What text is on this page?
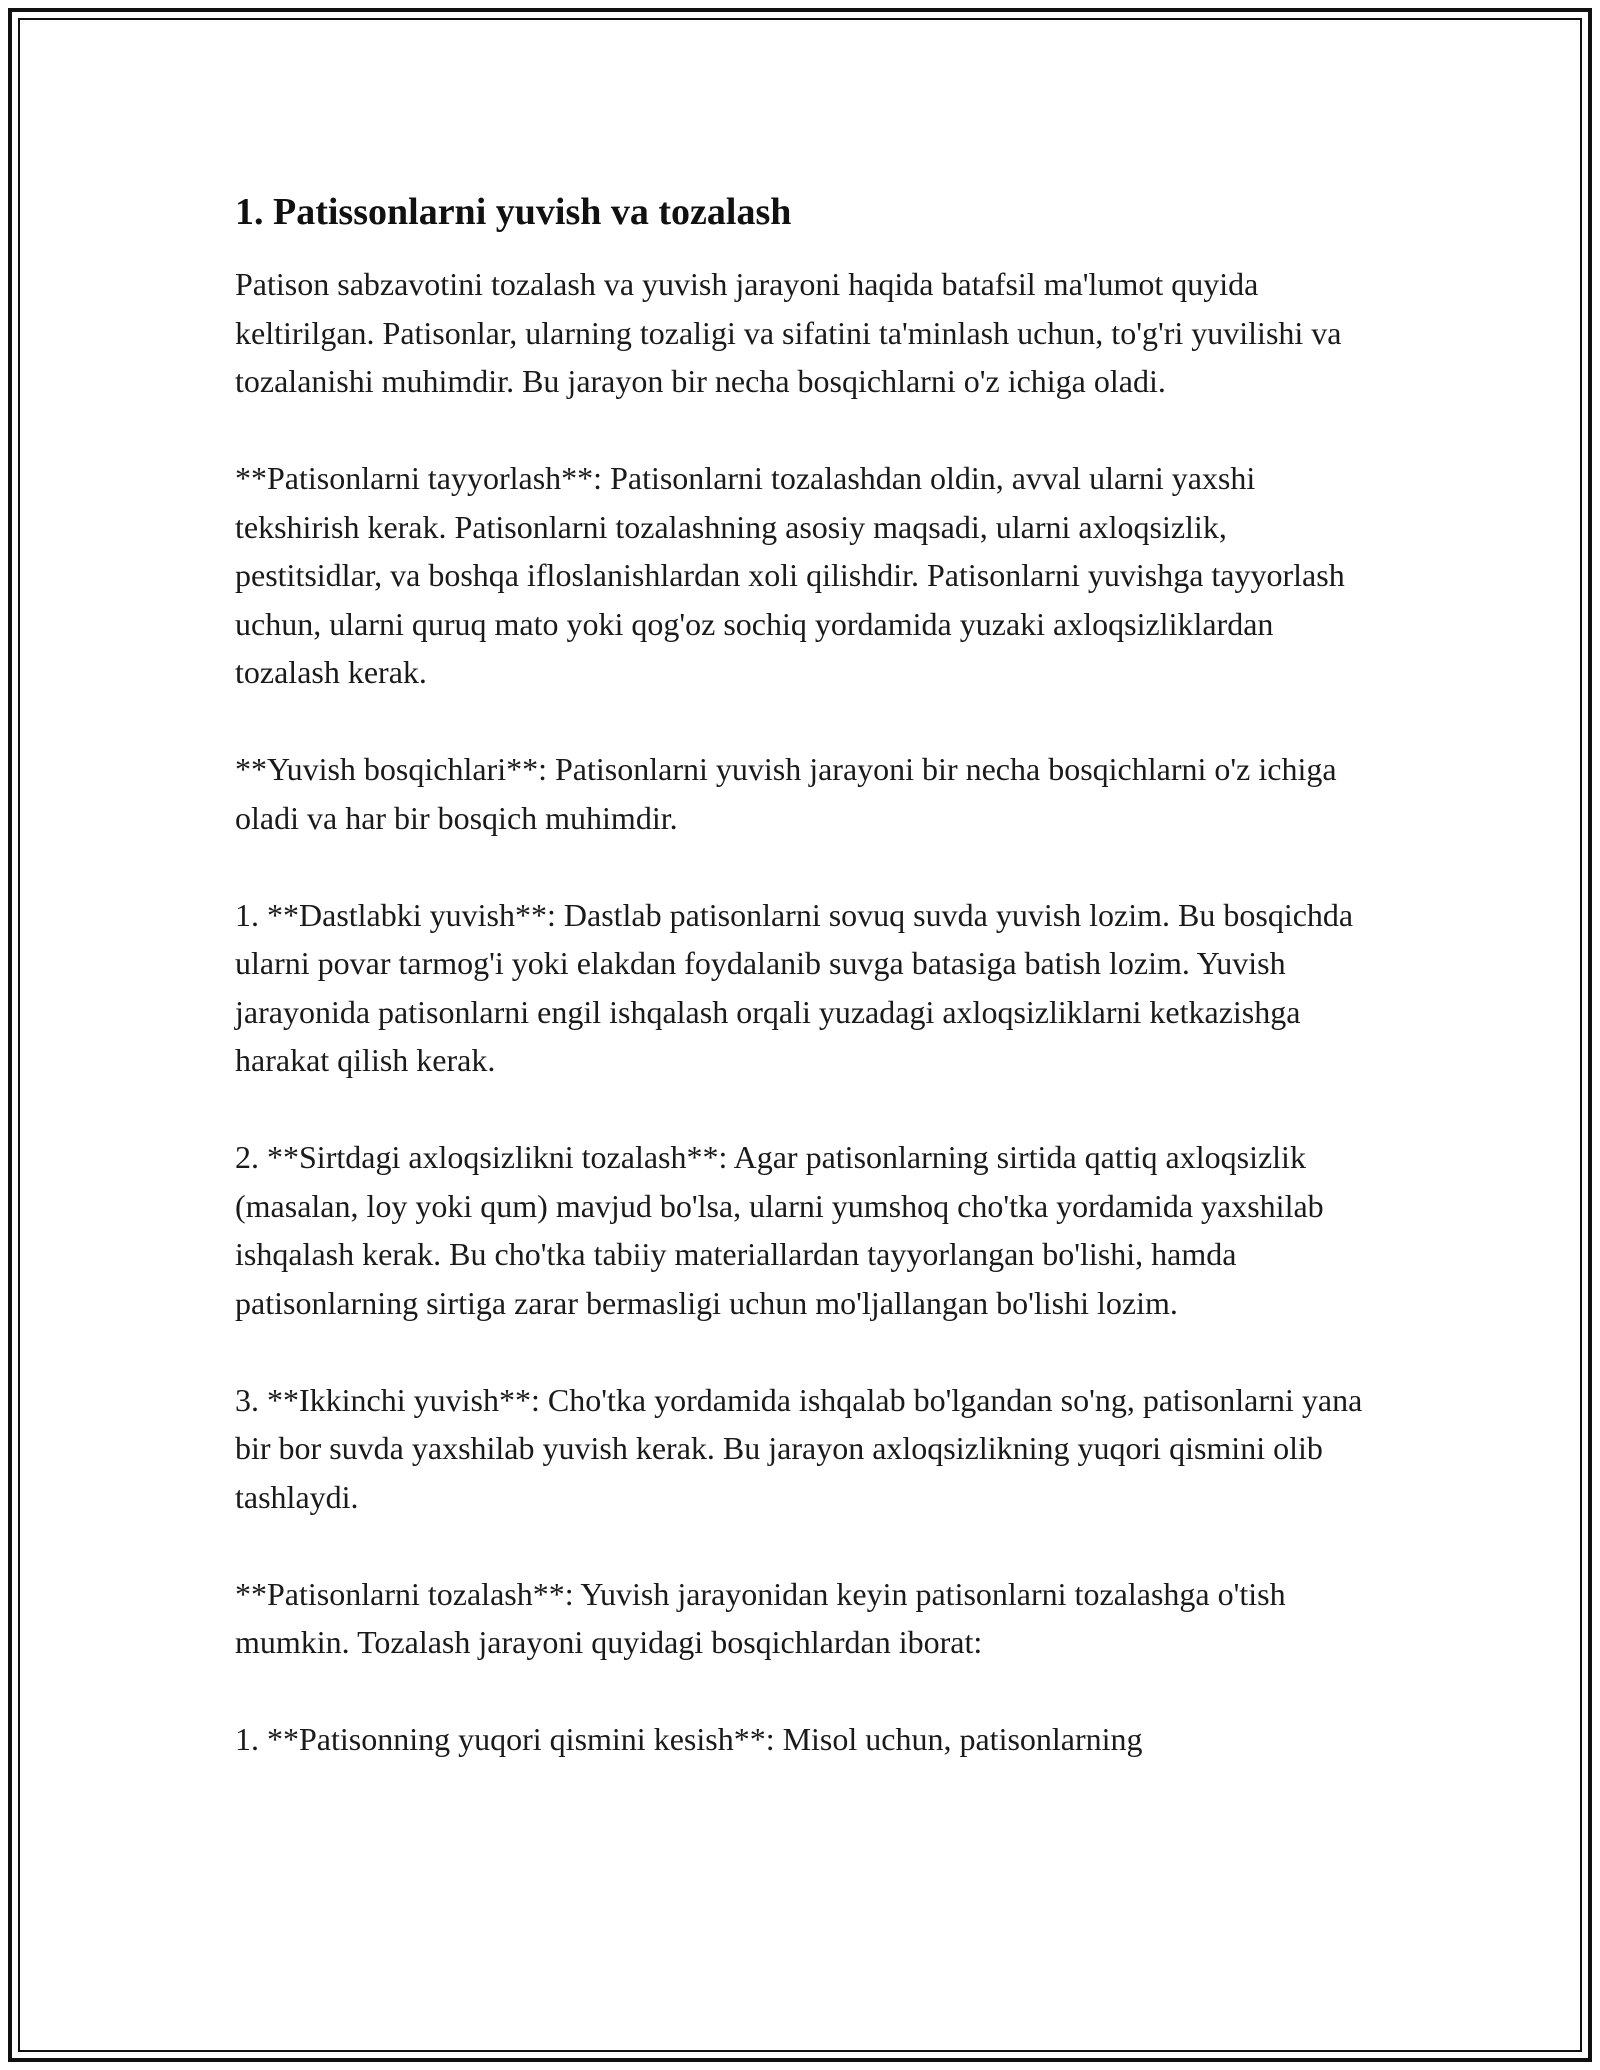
1. Patissonlarni yuvish va tozalash

Patison sabzavotini tozalash va yuvish jarayoni haqida batafsil ma'lumot quyida keltirilgan. Patisonlar, ularning tozaligi va sifatini ta'minlash uchun, to'g'ri yuvilishi va tozalanishi muhimdir. Bu jarayon bir necha bosqichlarni o'z ichiga oladi.

**Patisonlarni tayyorlash**: Patisonlarni tozalashdan oldin, avval ularni yaxshi tekshirish kerak. Patisonlarni tozalashning asosiy maqsadi, ularni axloqsizlik, pestitsidlar, va boshqa ifloslanishlardan xoli qilishdir. Patisonlarni yuvishga tayyorlash uchun, ularni quruq mato yoki qog'oz sochiq yordamida yuzaki axloqsizliklardan tozalash kerak.

**Yuvish bosqichlari**: Patisonlarni yuvish jarayoni bir necha bosqichlarni o'z ichiga oladi va har bir bosqich muhimdir.

1. **Dastlabki yuvish**: Dastlab patisonlarni sovuq suvda yuvish lozim. Bu bosqichda ularni povar tarmog'i yoki elakdan foydalanib suvga batasiga batish lozim. Yuvish jarayonida patisonlarni engil ishqalash orqali yuzadagi axloqsizliklarni ketkazishga harakat qilish kerak.

2. **Sirtdagi axloqsizlikni tozalash**: Agar patisonlarning sirtida qattiq axloqsizlik (masalan, loy yoki qum) mavjud bo'lsa, ularni yumshoq cho'tka yordamida yaxshilab ishqalash kerak. Bu cho'tka tabiiy materiallardan tayyorlangan bo'lishi, hamda patisonlarning sirtiga zarar bermasligi uchun mo'ljallangan bo'lishi lozim.

3. **Ikkinchi yuvish**: Cho'tka yordamida ishqalab bo'lgandan so'ng, patisonlarni yana bir bor suvda yaxshilab yuvish kerak. Bu jarayon axloqsizlikning yuqori qismini olib tashlaydi.

**Patisonlarni tozalash**: Yuvish jarayonidan keyin patisonlarni tozalashga o'tish mumkin. Tozalash jarayoni quyidagi bosqichlardan iborat:

1. **Patisonning yuqori qismini kesish**: Misol uchun, patisonlarning
